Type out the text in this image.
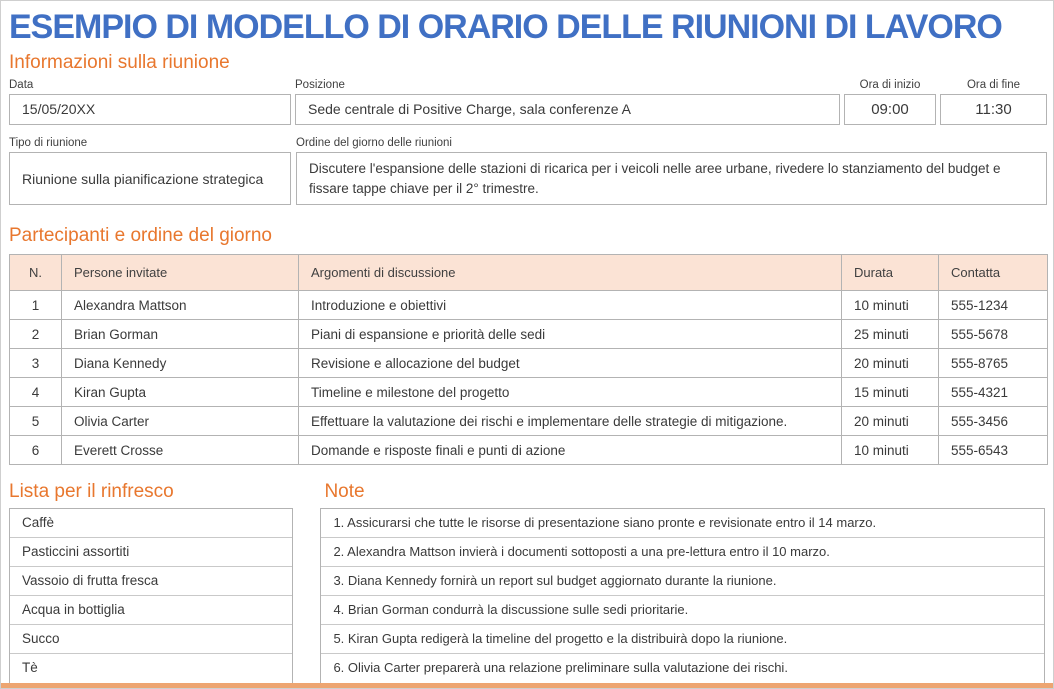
ESEMPIO DI MODELLO DI ORARIO DELLE RIUNIONI DI LAVORO
Informazioni sulla riunione
Data	Posizione	Ora di inizio	Ora di fine
15/05/20XX	Sede centrale di Positive Charge, sala conferenze A	09:00	11:30
Tipo di riunione	Ordine del giorno delle riunioni
Riunione sulla pianificazione strategica
Discutere l'espansione delle stazioni di ricarica per i veicoli nelle aree urbane, rivedere lo stanziamento del budget e fissare tappe chiave per il 2° trimestre.
Partecipanti e ordine del giorno
N.	Persone invitate	Argomenti di discussione	Durata	Contatta
1	Alexandra Mattson	Introduzione e obiettivi	10 minuti	555-1234
2	Brian Gorman	Piani di espansione e priorità delle sedi	25 minuti	555-5678
3	Diana Kennedy	Revisione e allocazione del budget	20 minuti	555-8765
4	Kiran Gupta	Timeline e milestone del progetto	15 minuti	555-4321
5	Olivia Carter	Effettuare la valutazione dei rischi e implementare delle strategie di mitigazione.	20 minuti	555-3456
6	Everett Crosse	Domande e risposte finali e punti di azione	10 minuti	555-6543
Lista per il rinfresco
Caffè
Pasticcini assortiti
Vassoio di frutta fresca
Acqua in bottiglia
Succo
Tè
Note
1. Assicurarsi che tutte le risorse di presentazione siano pronte e revisionate entro il 14 marzo.
2. Alexandra Mattson invierà i documenti sottoposti a una pre-lettura entro il 10 marzo.
3. Diana Kennedy fornirà un report sul budget aggiornato durante la riunione.
4. Brian Gorman condurrà la discussione sulle sedi prioritarie.
5. Kiran Gupta redigerà la timeline del progetto e la distribuirà dopo la riunione.
6. Olivia Carter preparerà una relazione preliminare sulla valutazione dei rischi.
